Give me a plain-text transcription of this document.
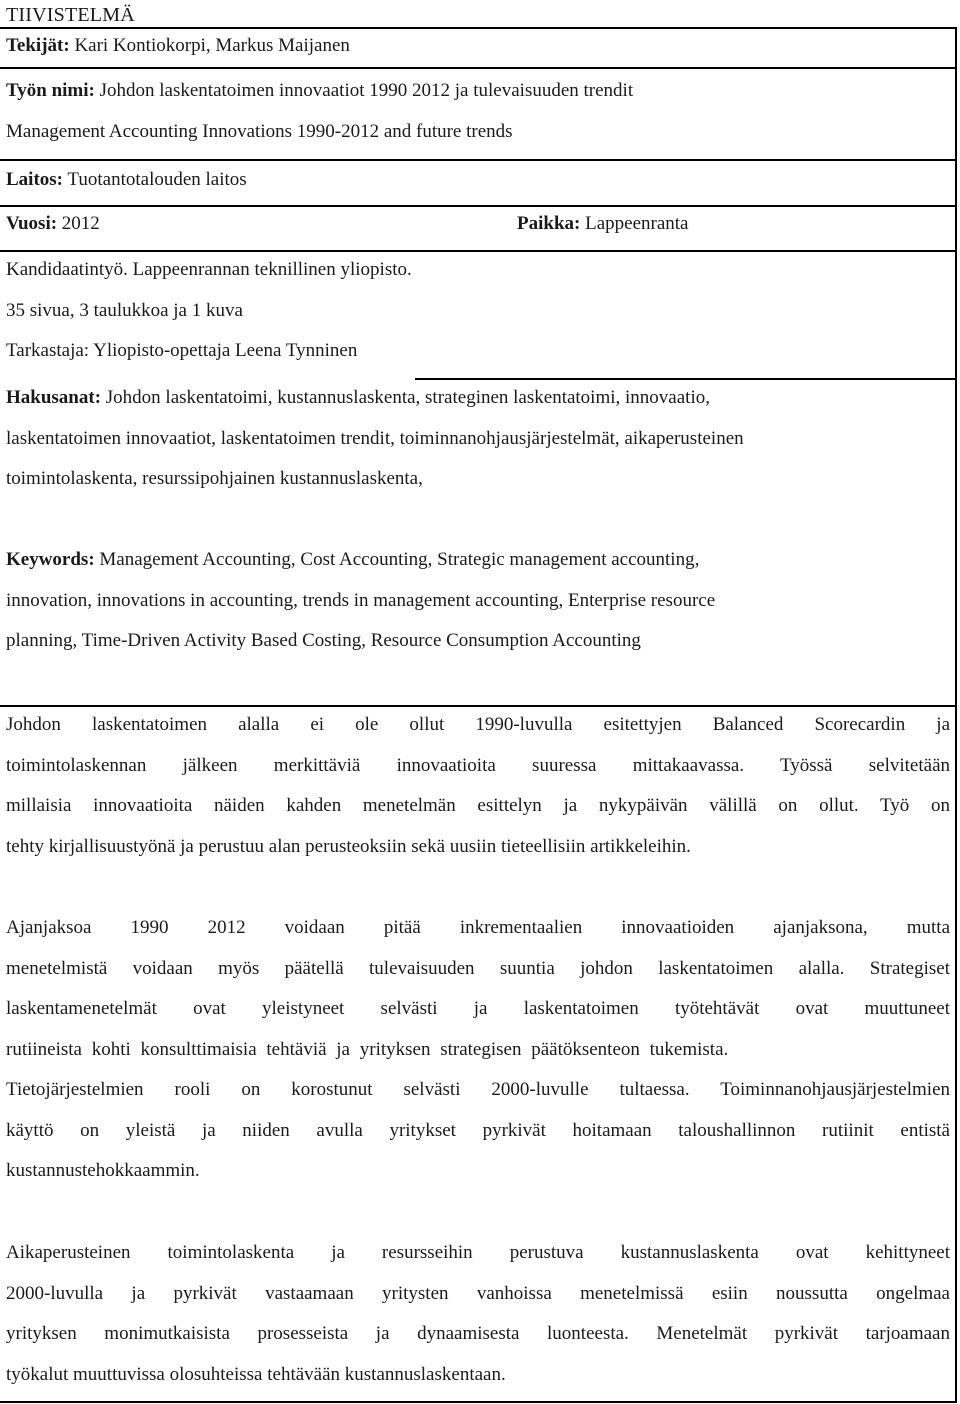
TIIVISTELMÄ
Tekijät: Kari Kontiokorpi, Markus Maijanen
Työn nimi: Johdon laskentatoimen innovaatiot 1990 2012 ja tulevaisuuden trendit
Management Accounting Innovations 1990-2012 and future trends
Laitos: Tuotantotalouden laitos
Vuosi: 2012	Paikka: Lappeenranta
Kandidaatintyö. Lappeenrannan teknillinen yliopisto.
35 sivua, 3 taulukkoa ja 1 kuva
Tarkastaja: Yliopisto-opettaja Leena Tynninen
Hakusanat: Johdon laskentatoimi, kustannuslaskenta, strateginen laskentatoimi, innovaatio,
laskentatoimen innovaatiot, laskentatoimen trendit, toiminnanohjausjärjestelmät, aikaperusteinen
toimintolaskenta, resurssipohjainen kustannuslaskenta,
Keywords: Management Accounting, Cost Accounting, Strategic management accounting,
innovation, innovations in accounting, trends in management accounting, Enterprise resource
planning, Time-Driven Activity Based Costing, Resource Consumption Accounting
Johdon laskentatoimen alalla ei ole ollut 1990-luvulla esitettyjen Balanced Scorecardin ja
toimintolaskennan jälkeen merkittäviä innovaatioita suuressa mittakaavassa. Työssä selvitetään
millaisia innovaatioita näiden kahden menetelmän esittelyn ja nykypäivän välillä on ollut. Työ on
tehty kirjallisuustyönä ja perustuu alan perusteoksiin sekä uusiin tieteellisiin artikkeleihin.
Ajanjaksoa 1990 2012 voidaan pitää inkrementaalien innovaatioiden ajanjaksona, mutta
menetelmistä voidaan myös päätellä tulevaisuuden suuntia johdon laskentatoimen alalla. Strategiset
laskentamenetelmät ovat yleistyneet selvästi ja laskentatoimen työtehtävät ovat muuttuneet
rutiineista kohti konsulttimaisia tehtäviä ja yrityksen strategisen päätöksenteon tukemista.
Tietojärjestelmien rooli on korostunut selvästi 2000-luvulle tultaessa. Toiminnanohjausjärjestelmien
käyttö on yleistä ja niiden avulla yritykset pyrkivät hoitamaan taloushallinnon rutiinit entistä
kustannustehokkaammin.
Aikaperusteinen toimintolaskenta ja resursseihin perustuva kustannuslaskenta ovat kehittyneet
2000-luvulla ja pyrkivät vastaamaan yritysten vanhoissa menetelmissä esiin noussutta ongelmaa
yrityksen monimutkaisista prosesseista ja dynaamisesta luonteesta. Menetelmät pyrkivät tarjoamaan
työkalut muuttuvissa olosuhteissa tehtävään kustannuslaskentaan.
